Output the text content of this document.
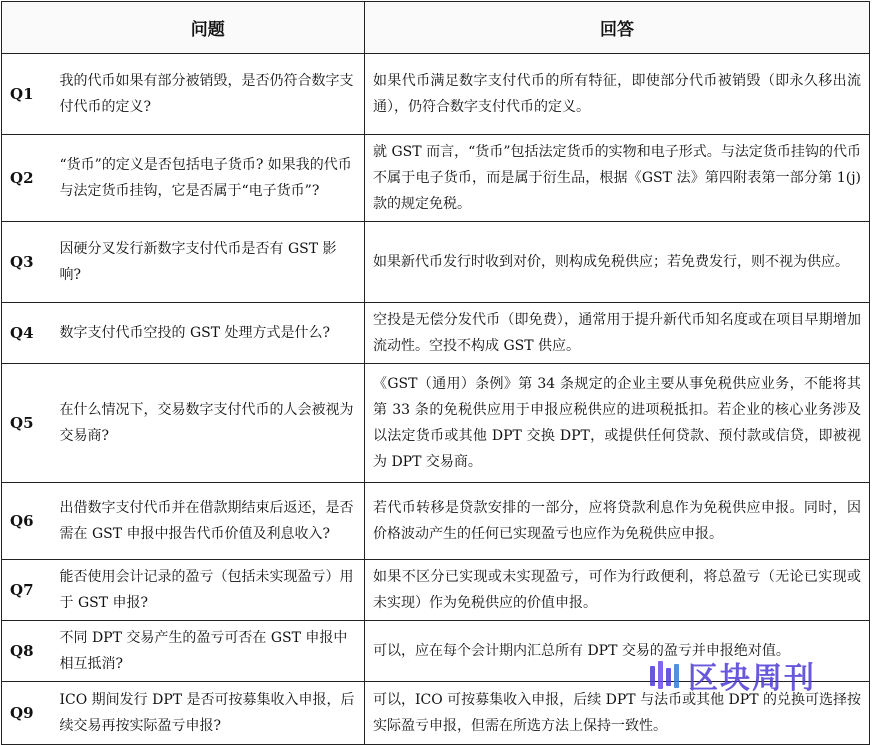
	问题	回答
Q1	我的代币如果有部分被销毁，是否仍符合数字支付代币的定义?	如果代币满足数字支付代币的所有特征，即使部分代币被销毁（即永久移出流通），仍符合数字支付代币的定义。
Q2	“货币”的定义是否包括电子货币? 如果我的代币与法定货币挂钩，它是否属于“电子货币”?	就 GST 而言，“货币”包括法定货币的实物和电子形式。与法定货币挂钩的代币不属于电子货币，而是属于衍生品，根据《GST 法》第四附表第一部分第 1(j) 款的规定免税。
Q3	因硬分叉发行新数字支付代币是否有 GST 影响?	如果新代币发行时收到对价，则构成免税供应；若免费发行，则不视为供应。
Q4	数字支付代币空投的 GST 处理方式是什么?	空投是无偿分发代币（即免费），通常用于提升新代币知名度或在项目早期增加流动性。空投不构成 GST 供应。
Q5	在什么情况下，交易数字支付代币的人会被视为交易商?	《GST（通用）条例》第 34 条规定的企业主要从事免税供应业务，不能将其第 33 条的免税供应用于申报应税供应的进项税抵扣。若企业的核心业务涉及以法定货币或其他 DPT 交换 DPT，或提供任何贷款、预付款或信贷，即被视为 DPT 交易商。
Q6	出借数字支付代币并在借款期结束后返还，是否需在 GST 申报中报告代币价值及利息收入?	若代币转移是贷款安排的一部分，应将贷款利息作为免税供应申报。同时，因价格波动产生的任何已实现盈亏也应作为免税供应申报。
Q7	能否使用会计记录的盈亏（包括未实现盈亏）用于 GST 申报?	如果不区分已实现或未实现盈亏，可作为行政便利，将总盈亏（无论已实现或未实现）作为免税供应的价值申报。
Q8	不同 DPT 交易产生的盈亏可否在 GST 申报中相互抵消?	可以，应在每个会计期内汇总所有 DPT 交易的盈亏并申报绝对值。
Q9	ICO 期间发行 DPT 是否可按募集收入申报，后续交易再按实际盈亏申报?	可以，ICO 可按募集收入申报，后续 DPT 与法币或其他 DPT 的兑换可选择按实际盈亏申报，但需在所选方法上保持一致性。
区块周刊
